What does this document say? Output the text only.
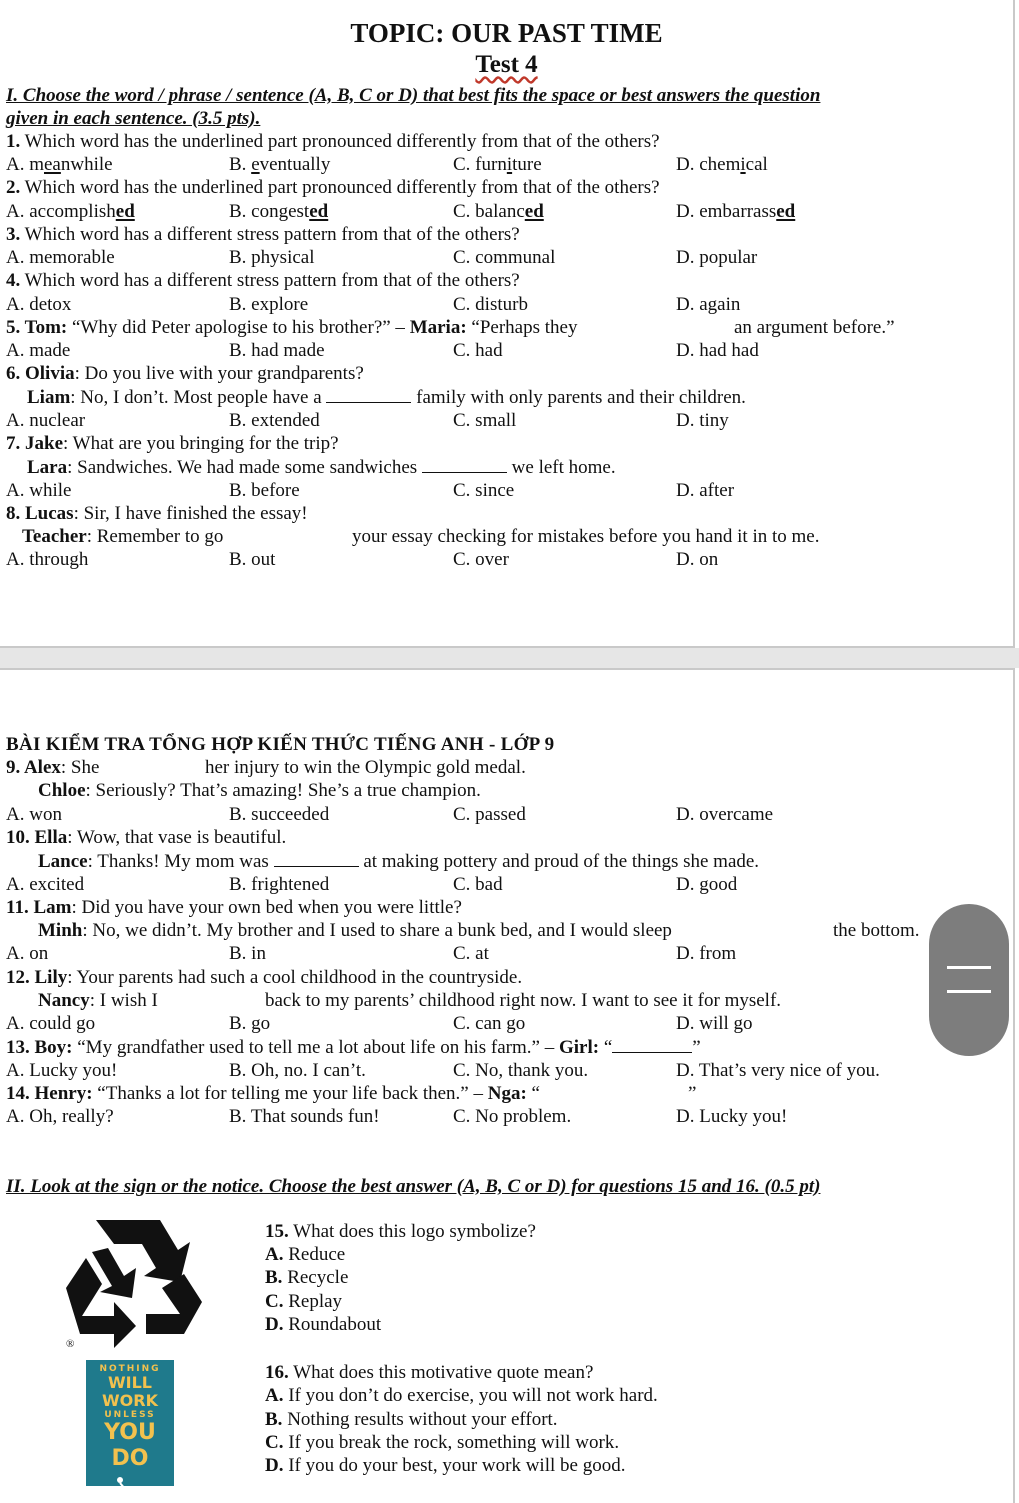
TOPIC: OUR PAST TIME
Test 4
I. Choose the word / phrase / sentence (A, B, C or D) that best fits the space or best answers the question
given in each sentence. (3.5 pts).
1. Which word has the underlined part pronounced differently from that of the others?
A. meanwhile	B. eventually	C. furniture	D. chemical
2. Which word has the underlined part pronounced differently from that of the others?
A. accomplished	B. congested	C. balanced	D. embarrassed
3. Which word has a different stress pattern from that of the others?
A. memorable	B. physical	C. communal	D. popular
4. Which word has a different stress pattern from that of the others?
A. detox	B. explore	C. disturb	D. again
5. Tom: “Why did Peter apologise to his brother?” – Maria: “Perhaps they	an argument before.”
A. made	B. had made	C. had	D. had had
6. Olivia: Do you live with your grandparents?
Liam: No, I don’t. Most people have a	family with only parents and their children.
A. nuclear	B. extended	C. small	D. tiny
7. Jake: What are you bringing for the trip?
Lara: Sandwiches. We had made some sandwiches	we left home.
A. while	B. before	C. since	D. after
8. Lucas: Sir, I have finished the essay!
Teacher: Remember to go	your essay checking for mistakes before you hand it in to me.
A. through	B. out	C. over	D. on
BÀI KIỂM TRA TỔNG HỢP KIẾN THỨC TIẾNG ANH - LỚP 9
9. Alex: She	her injury to win the Olympic gold medal.
Chloe: Seriously? That’s amazing! She’s a true champion.
A. won	B. succeeded	C. passed	D. overcame
10. Ella: Wow, that vase is beautiful.
Lance: Thanks! My mom was	at making pottery and proud of the things she made.
A. excited	B. frightened	C. bad	D. good
11. Lam: Did you have your own bed when you were little?
Minh: No, we didn’t. My brother and I used to share a bunk bed, and I would sleep	the bottom.
A. on	B. in	C. at	D. from
12. Lily: Your parents had such a cool childhood in the countryside.
Nancy: I wish I	back to my parents’ childhood right now. I want to see it for myself.
A. could go	B. go	C. can go	D. will go
13. Boy: “My grandfather used to tell me a lot about life on his farm.” – Girl: “	”
A. Lucky you!	B. Oh, no. I can’t.	C. No, thank you.	D. That’s very nice of you.
14. Henry: “Thanks a lot for telling me your life back then.” – Nga: “	”
A. Oh, really?	B. That sounds fun!	C. No problem.	D. Lucky you!
II. Look at the sign or the notice. Choose the best answer (A, B, C or D) for questions 15 and 16. (0.5 pt)
®
15. What does this logo symbolize?
A. Reduce
B. Recycle
C. Replay
D. Roundabout
NOTHING
WILL WORK
UNLESS
YOU DO
16. What does this motivative quote mean?
A. If you don’t do exercise, you will not work hard.
B. Nothing results without your effort.
C. If you break the rock, something will work.
D. If you do your best, your work will be good.
